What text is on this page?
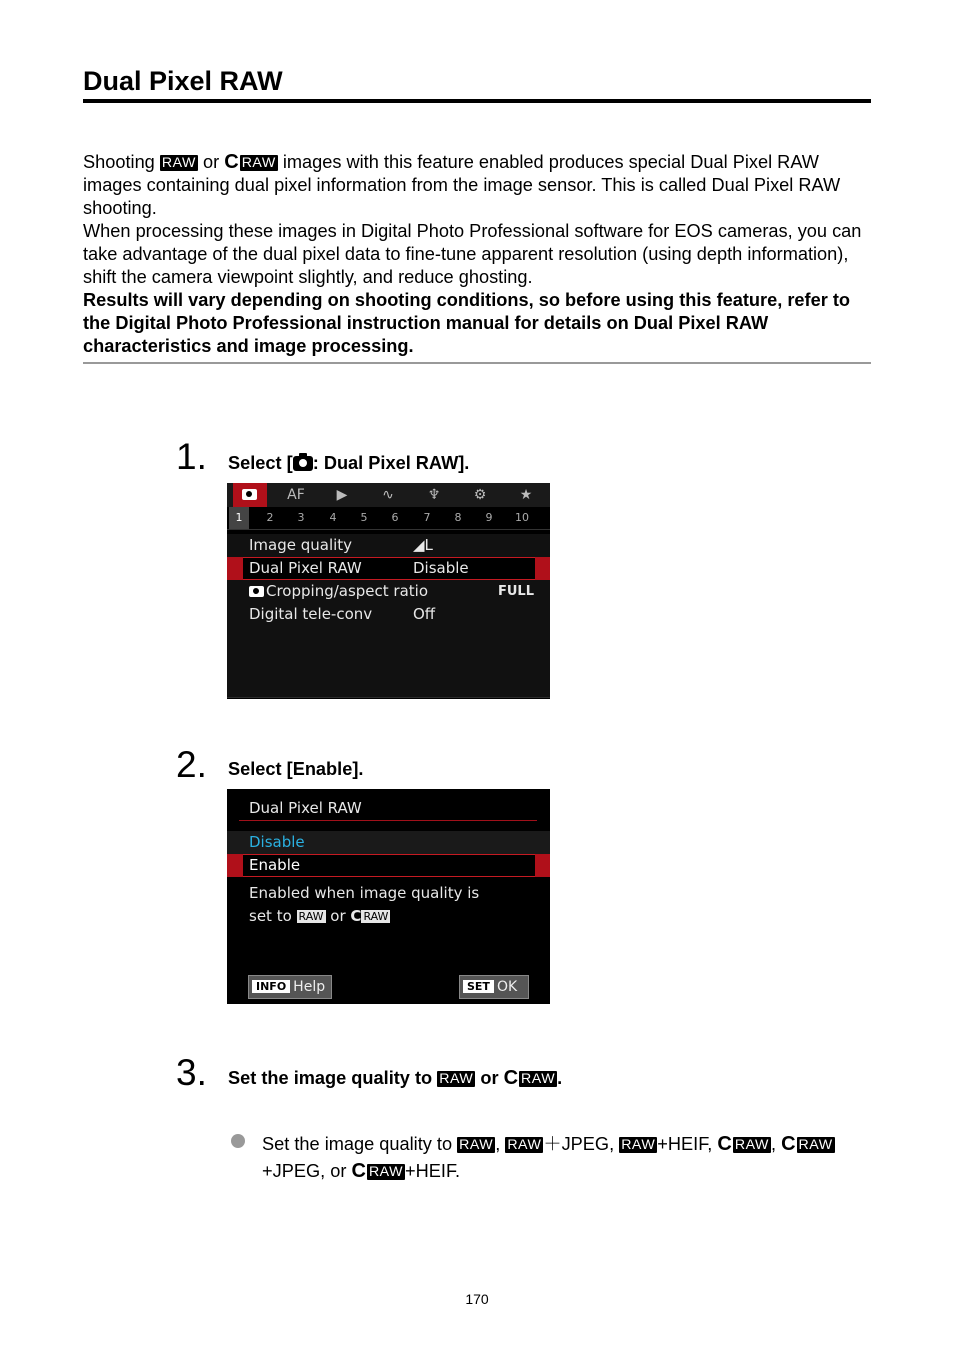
Dual Pixel RAW

Shooting RAW or C RAW images with this feature enabled produces special Dual Pixel RAW images containing dual pixel information from the image sensor. This is called Dual Pixel RAW shooting.

When processing these images in Digital Photo Professional software for EOS cameras, you can take advantage of the dual pixel data to fine-tune apparent resolution (using depth information), shift the camera viewpoint slightly, and reduce ghosting.

Results will vary depending on shooting conditions, so before using this feature, refer to the Digital Photo Professional instruction manual for details on Dual Pixel RAW characteristics and image processing.

1. Select [ : Dual Pixel RAW].
AF	▶	∿	♆	⚙	★
1	2	3	4	5	6	7	8	9	10
Image quality	◢L
Dual Pixel RAW	Disable
Cropping/aspect ratio	FULL
Digital tele-conv	Off
2. Select [Enable].
Dual Pixel RAW
Disable
Enable
Enabled when image quality is
set to RAW or C RAW
INFO Help	SET OK
3. Set the image quality to RAW or C RAW .
Set the image quality to RAW , RAW ＋JPEG, RAW +HEIF, C RAW , C RAW+JPEG, or C RAW +HEIF.
170
